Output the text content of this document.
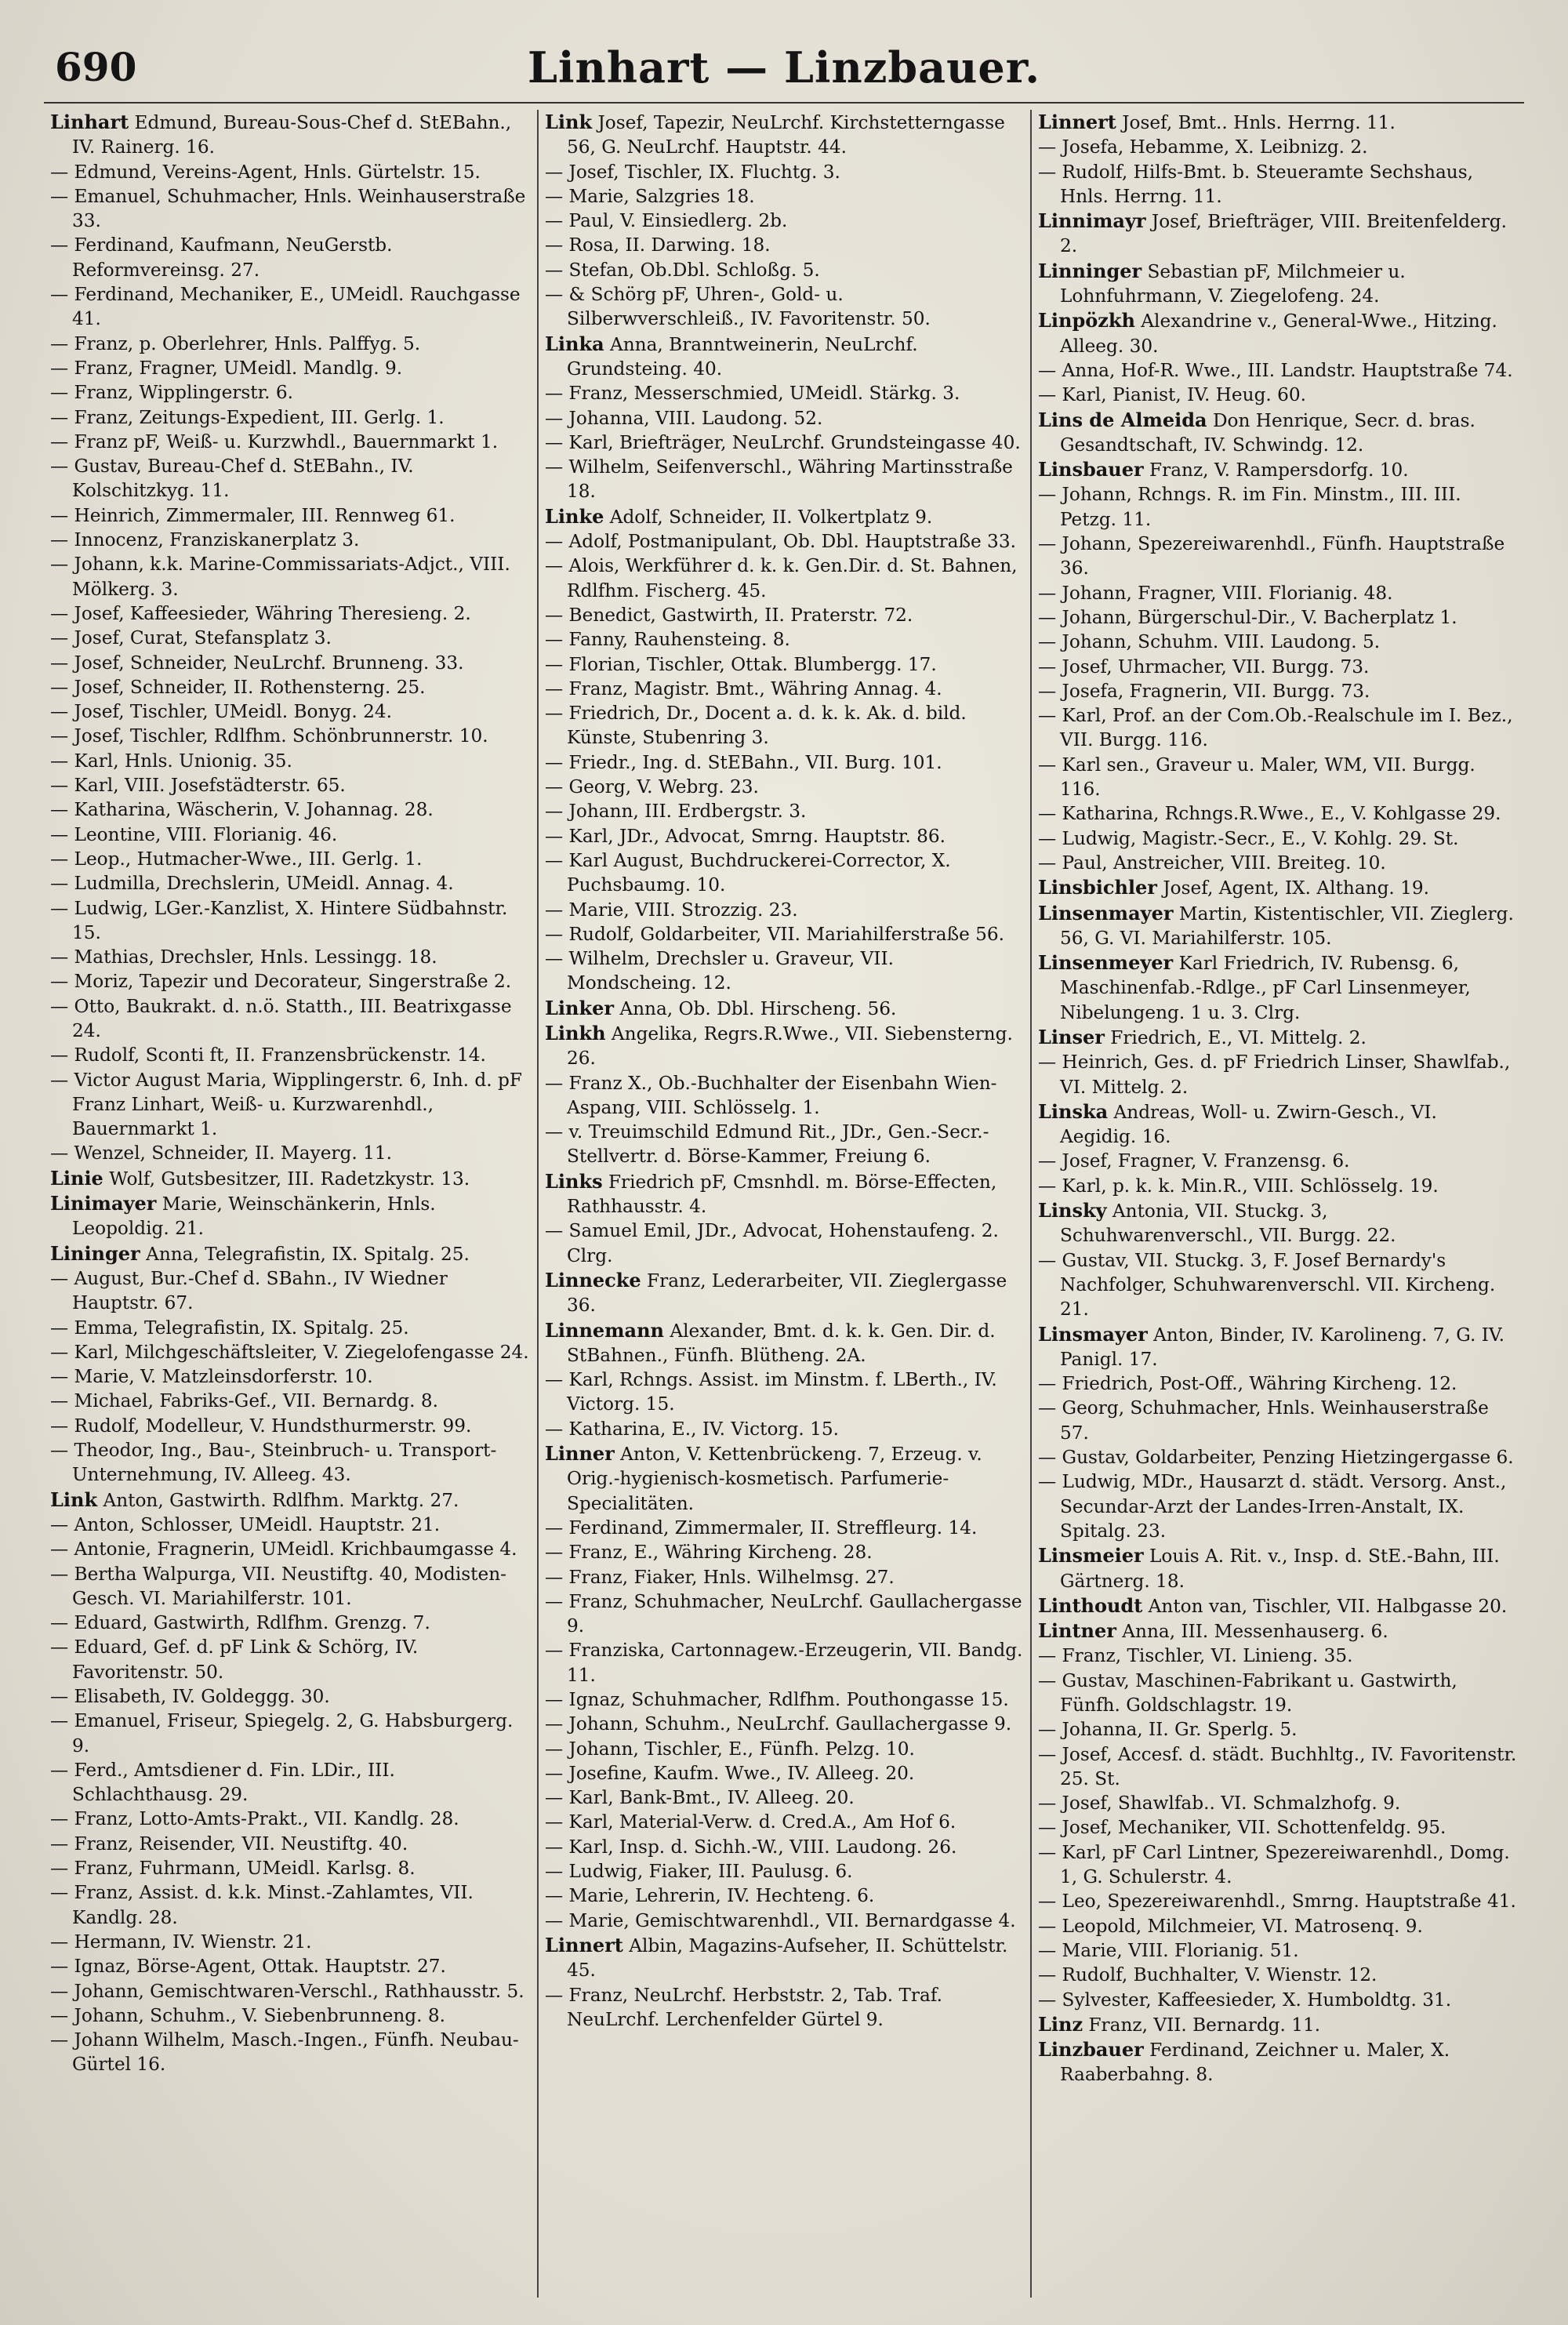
690	Linhart — Linzbauer.

Linhart Edmund, Bureau-Sous-Chef d. StEBahn., IV. Rainerg. 16.

— Edmund, Vereins-Agent, Hnls. Gürtelstr. 15.

— Emanuel, Schuhmacher, Hnls. Weinhauserstraße 33.

— Ferdinand, Kaufmann, NeuGerstb. Reformvereinsg. 27.

— Ferdinand, Mechaniker, E., UMeidl. Rauchgasse 41.

— Franz, p. Oberlehrer, Hnls. Palffyg. 5.

— Franz, Fragner, UMeidl. Mandlg. 9.

— Franz, Wipplingerstr. 6.

— Franz, Zeitungs-Expedient, III. Gerlg. 1.

— Franz pF, Weiß- u. Kurzwhdl., Bauernmarkt 1.

— Gustav, Bureau-Chef d. StEBahn., IV. Kolschitzkyg. 11.

— Heinrich, Zimmermaler, III. Rennweg 61.

— Innocenz, Franziskanerplatz 3.

— Johann, k.k. Marine-Commissariats-Adjct., VIII. Mölkerg. 3.

— Josef, Kaffeesieder, Währing Theresieng. 2.

— Josef, Curat, Stefansplatz 3.

— Josef, Schneider, NeuLrchf. Brunneng. 33.

— Josef, Schneider, II. Rothensterng. 25.

— Josef, Tischler, UMeidl. Bonyg. 24.

— Josef, Tischler, Rdlfhm. Schönbrunnerstr. 10.

— Karl, Hnls. Unionig. 35.

— Karl, VIII. Josefstädterstr. 65.

— Katharina, Wäscherin, V. Johannag. 28.

— Leontine, VIII. Florianig. 46.

— Leop., Hutmacher-Wwe., III. Gerlg. 1.

— Ludmilla, Drechslerin, UMeidl. Annag. 4.

— Ludwig, LGer.-Kanzlist, X. Hintere Südbahnstr. 15.

— Mathias, Drechsler, Hnls. Lessingg. 18.

— Moriz, Tapezir und Decorateur, Singerstraße 2.

— Otto, Baukrakt. d. n.ö. Statth., III. Beatrixgasse 24.

— Rudolf, Sconti ft, II. Franzensbrückenstr. 14.

— Victor August Maria, Wipplingerstr. 6, Inh. d. pF Franz Linhart, Weiß- u. Kurzwarenhdl., Bauernmarkt 1.

— Wenzel, Schneider, II. Mayerg. 11.

Linie Wolf, Gutsbesitzer, III. Radetzkystr. 13.

Linimayer Marie, Weinschänkerin, Hnls. Leopoldig. 21.

Lininger Anna, Telegrafistin, IX. Spitalg. 25.

— August, Bur.-Chef d. SBahn., IV Wiedner Hauptstr. 67.

— Emma, Telegrafistin, IX. Spitalg. 25.

— Karl, Milchgeschäftsleiter, V. Ziegelofengasse 24.

— Marie, V. Matzleinsdorferstr. 10.

— Michael, Fabriks-Gef., VII. Bernardg. 8.

— Rudolf, Modelleur, V. Hundsthurmerstr. 99.

— Theodor, Ing., Bau-, Steinbruch- u. Transport-Unternehmung, IV. Alleeg. 43.

Link Anton, Gastwirth. Rdlfhm. Marktg. 27.

— Anton, Schlosser, UMeidl. Hauptstr. 21.

— Antonie, Fragnerin, UMeidl. Krichbaumgasse 4.

— Bertha Walpurga, VII. Neustiftg. 40, Modisten-Gesch. VI. Mariahilferstr. 101.

— Eduard, Gastwirth, Rdlfhm. Grenzg. 7.

— Eduard, Gef. d. pF Link & Schörg, IV. Favoritenstr. 50.

— Elisabeth, IV. Goldeggg. 30.

— Emanuel, Friseur, Spiegelg. 2, G. Habsburgerg. 9.

— Ferd., Amtsdiener d. Fin. LDir., III. Schlachthausg. 29.

— Franz, Lotto-Amts-Prakt., VII. Kandlg. 28.

— Franz, Reisender, VII. Neustiftg. 40.

— Franz, Fuhrmann, UMeidl. Karlsg. 8.

— Franz, Assist. d. k.k. Minst.-Zahlamtes, VII. Kandlg. 28.

— Hermann, IV. Wienstr. 21.

— Ignaz, Börse-Agent, Ottak. Hauptstr. 27.

— Johann, Gemischtwaren-Verschl., Rathhausstr. 5.

— Johann, Schuhm., V. Siebenbrunneng. 8.

— Johann Wilhelm, Masch.-Ingen., Fünfh. Neubau-Gürtel 16.

Link Josef, Tapezir, NeuLrchf. Kirchstetterngasse 56, G. NeuLrchf. Hauptstr. 44.

— Josef, Tischler, IX. Fluchtg. 3.

— Marie, Salzgries 18.

— Paul, V. Einsiedlerg. 2b.

— Rosa, II. Darwing. 18.

— Stefan, Ob.Dbl. Schloßg. 5.

— & Schörg pF, Uhren-, Gold- u. Silberwverschleiß., IV. Favoritenstr. 50.

Linka Anna, Branntweinerin, NeuLrchf. Grundsteing. 40.

— Franz, Messerschmied, UMeidl. Stärkg. 3.

— Johanna, VIII. Laudong. 52.

— Karl, Briefträger, NeuLrchf. Grundsteingasse 40.

— Wilhelm, Seifenverschl., Währing Martinsstraße 18.

Linke Adolf, Schneider, II. Volkertplatz 9.

— Adolf, Postmanipulant, Ob. Dbl. Hauptstraße 33.

— Alois, Werkführer d. k. k. Gen.Dir. d. St. Bahnen, Rdlfhm. Fischerg. 45.

— Benedict, Gastwirth, II. Praterstr. 72.

— Fanny, Rauhensteing. 8.

— Florian, Tischler, Ottak. Blumbergg. 17.

— Franz, Magistr. Bmt., Währing Annag. 4.

— Friedrich, Dr., Docent a. d. k. k. Ak. d. bild. Künste, Stubenring 3.

— Friedr., Ing. d. StEBahn., VII. Burg. 101.

— Georg, V. Webrg. 23.

— Johann, III. Erdbergstr. 3.

— Karl, JDr., Advocat, Smrng. Hauptstr. 86.

— Karl August, Buchdruckerei-Corrector, X. Puchsbaumg. 10.

— Marie, VIII. Strozzig. 23.

— Rudolf, Goldarbeiter, VII. Mariahilferstraße 56.

— Wilhelm, Drechsler u. Graveur, VII. Mondscheing. 12.

Linker Anna, Ob. Dbl. Hirscheng. 56.

Linkh Angelika, Regrs.R.Wwe., VII. Siebensterng. 26.

— Franz X., Ob.-Buchhalter der Eisenbahn Wien-Aspang, VIII. Schlösselg. 1.

— v. Treuimschild Edmund Rit., JDr., Gen.-Secr.-Stellvertr. d. Börse-Kammer, Freiung 6.

Links Friedrich pF, Cmsnhdl. m. Börse-Effecten, Rathhausstr. 4.

— Samuel Emil, JDr., Advocat, Hohenstaufeng. 2. Clrg.

Linnecke Franz, Lederarbeiter, VII. Zieglergasse 36.

Linnemann Alexander, Bmt. d. k. k. Gen. Dir. d. StBahnen., Fünfh. Blütheng. 2A.

— Karl, Rchngs. Assist. im Minstm. f. LBerth., IV. Victorg. 15.

— Katharina, E., IV. Victorg. 15.

Linner Anton, V. Kettenbrückeng. 7, Erzeug. v. Orig.-hygienisch-kosmetisch. Parfumerie-Specialitäten.

— Ferdinand, Zimmermaler, II. Streffleurg. 14.

— Franz, E., Währing Kircheng. 28.

— Franz, Fiaker, Hnls. Wilhelmsg. 27.

— Franz, Schuhmacher, NeuLrchf. Gaullachergasse 9.

— Franziska, Cartonnagew.-Erzeugerin, VII. Bandg. 11.

— Ignaz, Schuhmacher, Rdlfhm. Pouthongasse 15.

— Johann, Schuhm., NeuLrchf. Gaullachergasse 9.

— Johann, Tischler, E., Fünfh. Pelzg. 10.

— Josefine, Kaufm. Wwe., IV. Alleeg. 20.

— Karl, Bank-Bmt., IV. Alleeg. 20.

— Karl, Material-Verw. d. Cred.A., Am Hof 6.

— Karl, Insp. d. Sichh.-W., VIII. Laudong. 26.

— Ludwig, Fiaker, III. Paulusg. 6.

— Marie, Lehrerin, IV. Hechteng. 6.

— Marie, Gemischtwarenhdl., VII. Bernardgasse 4.

Linnert Albin, Magazins-Aufseher, II. Schüttelstr. 45.

— Franz, NeuLrchf. Herbststr. 2, Tab. Traf. NeuLrchf. Lerchenfelder Gürtel 9.

Linnert Josef, Bmt.. Hnls. Herrng. 11.

— Josefa, Hebamme, X. Leibnizg. 2.

— Rudolf, Hilfs-Bmt. b. Steueramte Sechshaus, Hnls. Herrng. 11.

Linnimayr Josef, Briefträger, VIII. Breitenfelderg. 2.

Linninger Sebastian pF, Milchmeier u. Lohnfuhrmann, V. Ziegelofeng. 24.

Linpözkh Alexandrine v., General-Wwe., Hitzing. Alleeg. 30.

— Anna, Hof-R. Wwe., III. Landstr. Hauptstraße 74.

— Karl, Pianist, IV. Heug. 60.

Lins de Almeida Don Henrique, Secr. d. bras. Gesandtschaft, IV. Schwindg. 12.

Linsbauer Franz, V. Rampersdorfg. 10.

— Johann, Rchngs. R. im Fin. Minstm., III. III. Petzg. 11.

— Johann, Spezereiwarenhdl., Fünfh. Hauptstraße 36.

— Johann, Fragner, VIII. Florianig. 48.

— Johann, Bürgerschul-Dir., V. Bacherplatz 1.

— Johann, Schuhm. VIII. Laudong. 5.

— Josef, Uhrmacher, VII. Burgg. 73.

— Josefa, Fragnerin, VII. Burgg. 73.

— Karl, Prof. an der Com.Ob.-Realschule im I. Bez., VII. Burgg. 116.

— Karl sen., Graveur u. Maler, WM, VII. Burgg. 116.

— Katharina, Rchngs.R.Wwe., E., V. Kohlgasse 29.

— Ludwig, Magistr.-Secr., E., V. Kohlg. 29. St.

— Paul, Anstreicher, VIII. Breiteg. 10.

Linsbichler Josef, Agent, IX. Althang. 19.

Linsenmayer Martin, Kistentischler, VII. Zieglerg. 56, G. VI. Mariahilferstr. 105.

Linsenmeyer Karl Friedrich, IV. Rubensg. 6, Maschinenfab.-Rdlge., pF Carl Linsenmeyer, Nibelungeng. 1 u. 3. Clrg.

Linser Friedrich, E., VI. Mittelg. 2.

— Heinrich, Ges. d. pF Friedrich Linser, Shawlfab., VI. Mittelg. 2.

Linska Andreas, Woll- u. Zwirn-Gesch., VI. Aegidig. 16.

— Josef, Fragner, V. Franzensg. 6.

— Karl, p. k. k. Min.R., VIII. Schlösselg. 19.

Linsky Antonia, VII. Stuckg. 3, Schuhwarenverschl., VII. Burgg. 22.

— Gustav, VII. Stuckg. 3, F. Josef Bernardy's Nachfolger, Schuhwarenverschl. VII. Kircheng. 21.

Linsmayer Anton, Binder, IV. Karolineng. 7, G. IV. Panigl. 17.

— Friedrich, Post-Off., Währing Kircheng. 12.

— Georg, Schuhmacher, Hnls. Weinhauserstraße 57.

— Gustav, Goldarbeiter, Penzing Hietzingergasse 6.

— Ludwig, MDr., Hausarzt d. städt. Versorg. Anst., Secundar-Arzt der Landes-Irren-Anstalt, IX. Spitalg. 23.

Linsmeier Louis A. Rit. v., Insp. d. StE.-Bahn, III. Gärtnerg. 18.

Linthoudt Anton van, Tischler, VII. Halbgasse 20.

Lintner Anna, III. Messenhauserg. 6.

— Franz, Tischler, VI. Linieng. 35.

— Gustav, Maschinen-Fabrikant u. Gastwirth, Fünfh. Goldschlagstr. 19.

— Johanna, II. Gr. Sperlg. 5.

— Josef, Accesf. d. städt. Buchhltg., IV. Favoritenstr. 25. St.

— Josef, Shawlfab.. VI. Schmalzhofg. 9.

— Josef, Mechaniker, VII. Schottenfeldg. 95.

— Karl, pF Carl Lintner, Spezereiwarenhdl., Domg. 1, G. Schulerstr. 4.

— Leo, Spezereiwarenhdl., Smrng. Hauptstraße 41.

— Leopold, Milchmeier, VI. Matrosenq. 9.

— Marie, VIII. Florianig. 51.

— Rudolf, Buchhalter, V. Wienstr. 12.

— Sylvester, Kaffeesieder, X. Humboldtg. 31.

Linz Franz, VII. Bernardg. 11.

Linzbauer Ferdinand, Zeichner u. Maler, X. Raaberbahng. 8.
